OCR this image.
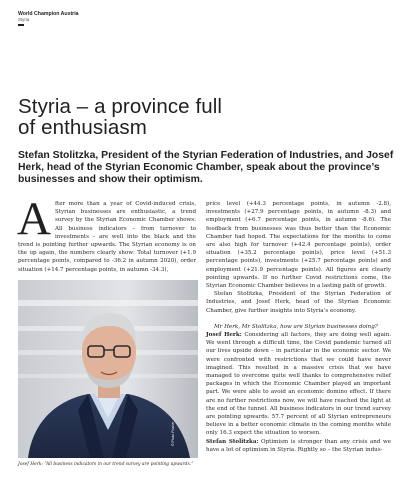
World Champion Austria
Styria
Styria – a province full
of enthusiasm

Stefan Stolitzka, President of the Styrian Federation of Industries, and Josef Herk, head of the Styrian Economic Chamber, speak about the province’s businesses and show their optimism.

After more than a year of Covid-induced crisis, Styrian businesses are enthusiastic, a trend survey by the Styrian Economic Chamber shows: All business indicators – from turnover to investments – are well into the black and the trend is pointing further upwards. The Styrian economy is on the up again, the numbers clearly show: Total turnover (+1.9 percentage points, compared to -36.2 in autumn 2020), order situation (+14.7 percentage points, in autumn -34.3),

© Photo Fischer
Josef Herk: “All business indicators in our trend survey are pointing upwards.”

price level (+44.3 percentage points, in autumn -2.8), investments (+27.9 percentage points, in autumn -8.3) and employment (+6.7 percentage points, in autumn -8.6). The feedback from businesses was thus better than the Economic Chamber had hoped. The expectations for the months to come are also high for turnover (+42.4 percentage points), order situation (+35.2 percentage points), price level (+51.3 percentage points), investments (+25.7 percentage points) and employment (+21.9 percentage points). All figures are clearly pointing upwards. If no further Covid restrictions come, the Styrian Economic Chamber believes in a lasting path of growth.

Stefan Stolitzka, President of the Styrian Federation of Industries, and Josef Herk, head of the Styrian Economic Chamber, give further insights into Styria’s economy.

Mr Herk, Mr Stolitzka, how are Styrian businesses doing?

Josef Herk: Considering all factors, they are doing well again. We went through a difficult time, the Covid pandemic turned all our lives upside down – in particular in the economic sector. We were confronted with restrictions that we could have never imagined. This resulted in a massive crisis that we have managed to overcome quite well thanks to comprehensive relief packages in which the Economic Chamber played an important part. We were able to avoid an economic domino effect. If there are no further restrictions now, we will have reached the light at the end of the tunnel. All business indicators in our trend survey are pointing upwards. 57.7 percent of all Styrian entrepreneurs believe in a better economic climate in the coming months while only 16.3 expect the situation to worsen.

Stefan Stolitzka: Optimism is stronger than any crisis and we have a lot of optimism in Styria. Rightly so – the Styrian indus-
